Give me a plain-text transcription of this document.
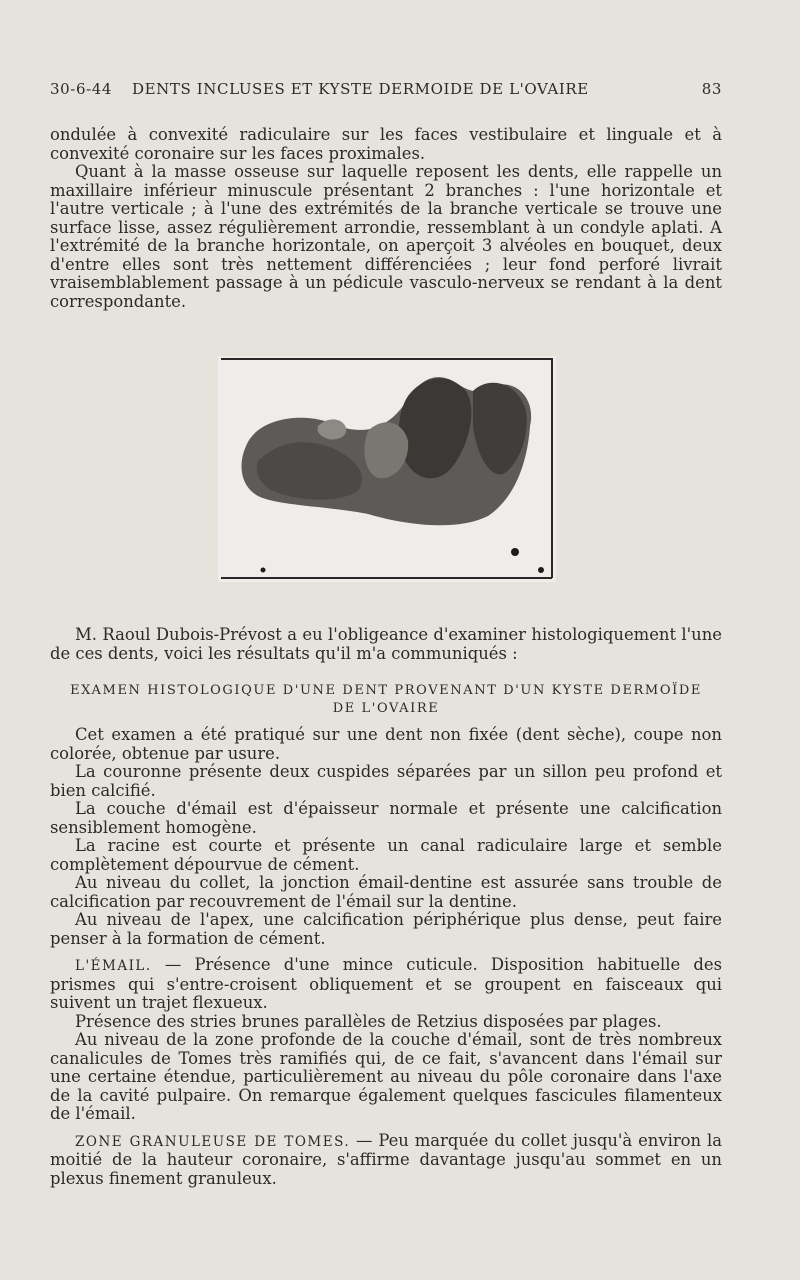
30-6-44 DENTS INCLUSES ET KYSTE DERMOIDE DE L'OVAIRE	83

ondulée à convexité radiculaire sur les faces vestibulaire et linguale et à convexité coronaire sur les faces proximales.

Quant à la masse osseuse sur laquelle reposent les dents, elle rappelle un maxillaire inférieur minuscule présentant 2 branches : l'une horizontale et l'autre verticale ; à l'une des extrémités de la branche verticale se trouve une surface lisse, assez régulièrement arrondie, ressemblant à un condyle aplati. A l'extrémité de la branche horizontale, on aperçoit 3 alvéoles en bouquet, deux d'entre elles sont très nettement différenciées ; leur fond perforé livrait vraisemblablement passage à un pédicule vasculo-nerveux se rendant à la dent correspondante.

M. Raoul Dubois-Prévost a eu l'obligeance d'examiner histologiquement l'une de ces dents, voici les résultats qu'il m'a communiqués :

EXAMEN HISTOLOGIQUE D'UNE DENT PROVENANT D'UN KYSTE DERMOÏDE
DE L'OVAIRE

Cet examen a été pratiqué sur une dent non fixée (dent sèche), coupe non colorée, obtenue par usure.

La couronne présente deux cuspides séparées par un sillon peu profond et bien calcifié.

La couche d'émail est d'épaisseur normale et présente une calcification sensiblement homogène.

La racine est courte et présente un canal radiculaire large et semble complètement dépourvue de cément.

Au niveau du collet, la jonction émail-dentine est assurée sans trouble de calcification par recouvrement de l'émail sur la dentine.

Au niveau de l'apex, une calcification périphérique plus dense, peut faire penser à la formation de cément.

L'ÉMAIL. — Présence d'une mince cuticule. Disposition habituelle des prismes qui s'entre-croisent obliquement et se groupent en faisceaux qui suivent un trajet flexueux.

Présence des stries brunes parallèles de Retzius disposées par plages.

Au niveau de la zone profonde de la couche d'émail, sont de très nombreux canalicules de Tomes très ramifiés qui, de ce fait, s'avancent dans l'émail sur une certaine étendue, particulièrement au niveau du pôle coronaire dans l'axe de la cavité pulpaire. On remarque également quelques fascicules filamenteux de l'émail.

ZONE GRANULEUSE DE TOMES. — Peu marquée du collet jusqu'à environ la moitié de la hauteur coronaire, s'affirme davantage jusqu'au sommet en un plexus finement granuleux.
